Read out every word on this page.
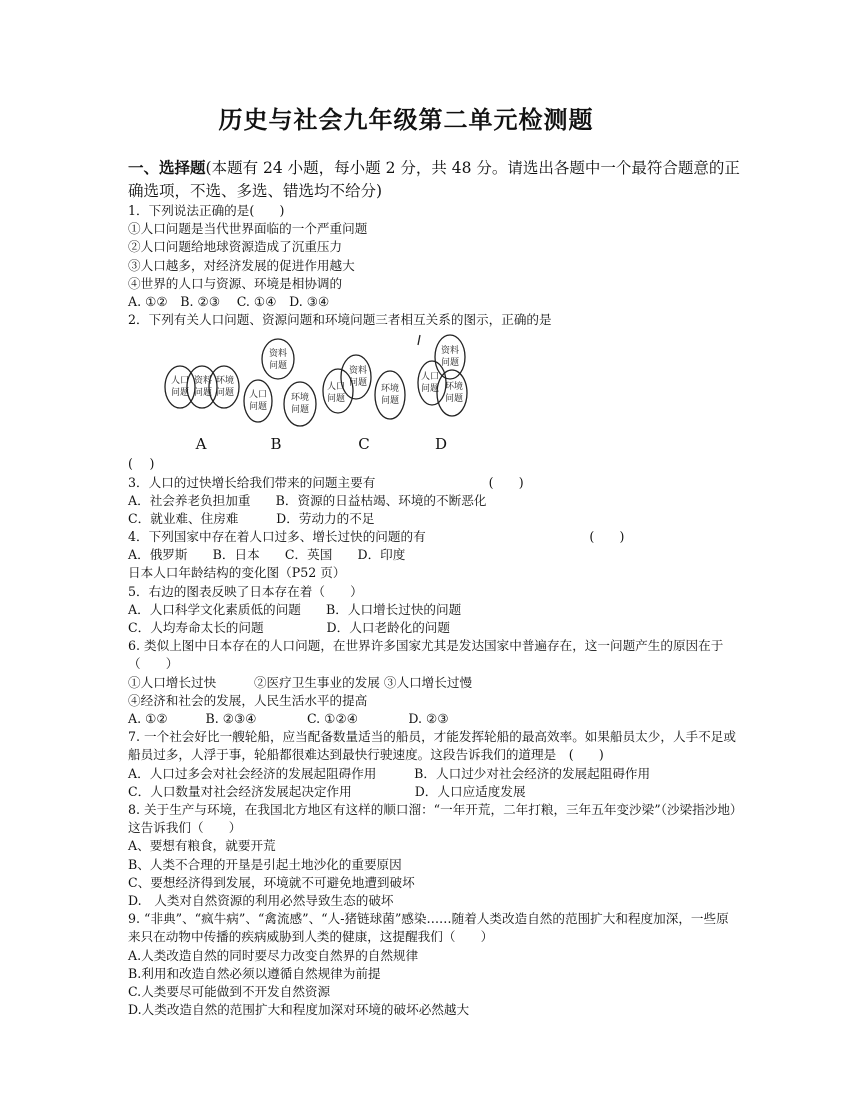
历史与社会九年级第二单元检测题
一、选择题(本题有 24 小题，每小题 2 分，共 48 分。请选出各题中一个最符合题意的正确选项，不选、多选、错选均不给分)
1．下列说法正确的是(　　)
①人口问题是当代世界面临的一个严重问题
②人口问题给地球资源造成了沉重压力
③人口越多，对经济发展的促进作用越大
④世界的人口与资源、环境是相协调的
A. ①②　B. ②③　 C. ①④　D. ③④
2．下列有关人口问题、资源问题和环境问题三者相互关系的图示，正确的是
人口
问题
资料
问题
环境
问题
资料
问题
人口
问题
环境
问题
人口
问题
资料
问题
环境
问题
资料
问题
人口
问题 环境
问题
A	B	C	D
(　 )
3．人口的过快增长给我们带来的问题主要有　　　　　　　　　(　　)
A．社会养老负担加重　　B．资源的日益枯竭、环境的不断恶化
C．就业难、住房难　　　D．劳动力的不足
4．下列国家中存在着人口过多、增长过快的问题的有　　　　　　　　　　　　　(　　)
A．俄罗斯　　B．日本　　C．英国　　D．印度
日本人口年龄结构的变化图（P52 页）
5．右边的图表反映了日本存在着（　　）
A．人口科学文化素质低的问题　　B．人口增长过快的问题
C．人均寿命太长的问题　　　　　D．人口老龄化的问题
6. 类似上图中日本存在的人口问题，在世界许多国家尤其是发达国家中普遍存在，这一问题产生的原因在于（　　）
①人口增长过快　　　②医疗卫生事业的发展 ③人口增长过慢
④经济和社会的发展，人民生活水平的提高
A. ①②　　　B. ②③④　　　　C. ①②④　　　　D. ②③
7. 一个社会好比一艘轮船，应当配备数量适当的船员，才能发挥轮船的最高效率。如果船员太少，人手不足或船员过多，人浮于事，轮船都很难达到最快行驶速度。这段告诉我们的道理是　(　　)
A．人口过多会对社会经济的发展起阻碍作用　　　B．人口过少对社会经济的发展起阻碍作用
C．人口数量对社会经济发展起决定作用　　　　　D．人口应适度发展
8. 关于生产与环境，在我国北方地区有这样的顺口溜：“一年开荒，二年打粮，三年五年变沙梁”（沙梁指沙地）这告诉我们（　　）
A、要想有粮食，就要开荒
B、人类不合理的开垦是引起土地沙化的重要原因
C、要想经济得到发展，环境就不可避免地遭到破坏
D.　人类对自然资源的利用必然导致生态的破坏
9. “非典”、“疯牛病”、“禽流感”、“人-猪链球菌”感染……随着人类改造自然的范围扩大和程度加深，一些原来只在动物中传播的疾病威胁到人类的健康，这提醒我们（　　）
A.人类改造自然的同时要尽力改变自然界的自然规律
B.利用和改造自然必须以遵循自然规律为前提
C.人类要尽可能做到不开发自然资源
D.人类改造自然的范围扩大和程度加深对环境的破坏必然越大
